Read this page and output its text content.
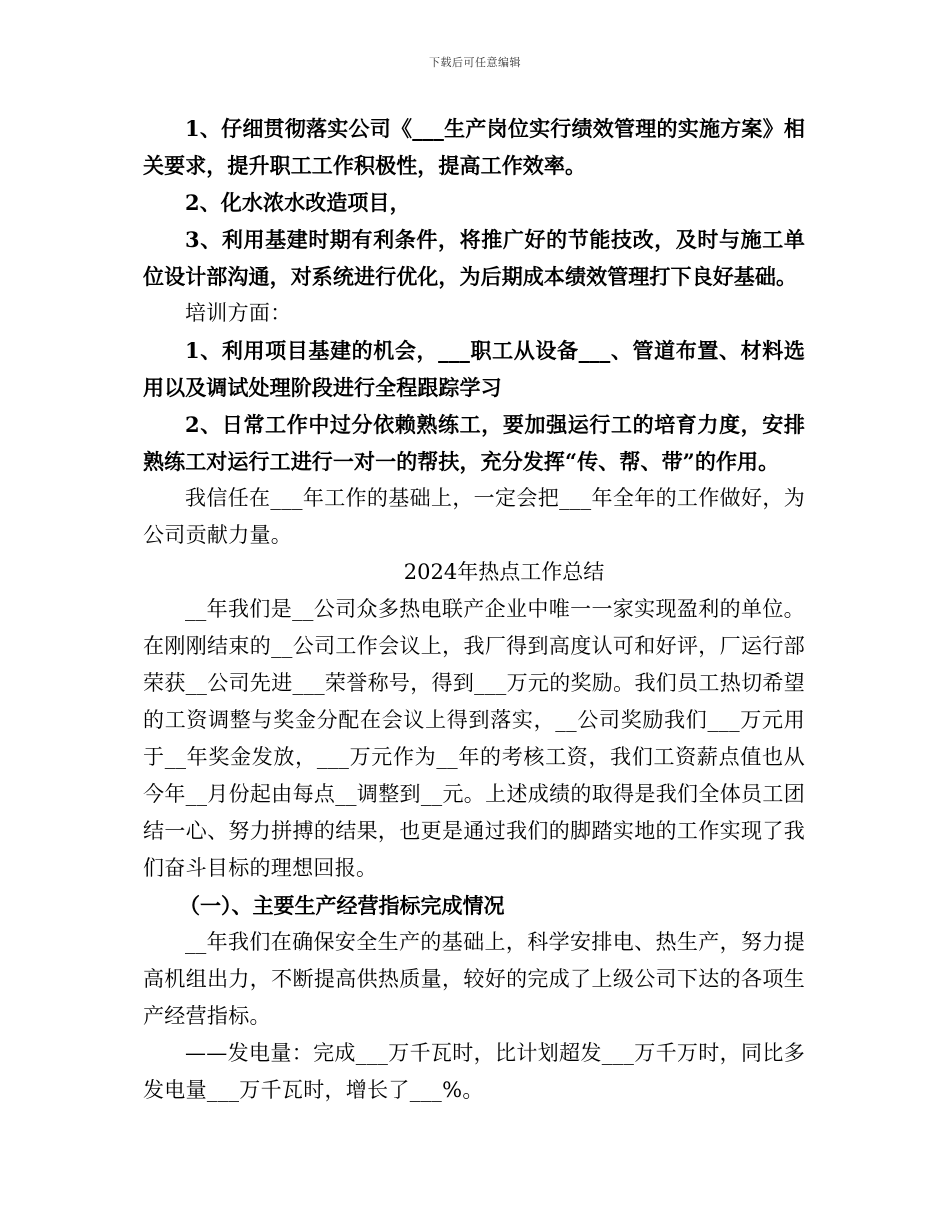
下载后可任意编辑

1、仔细贯彻落实公司《___生产岗位实行绩效管理的实施方案》相关要求，提升职工工作积极性，提高工作效率。

2、化水浓水改造项目，

3、利用基建时期有利条件，将推广好的节能技改，及时与施工单位设计部沟通，对系统进行优化，为后期成本绩效管理打下良好基础。

培训方面：

1、利用项目基建的机会，___职工从设备___、管道布置、材料选用以及调试处理阶段进行全程跟踪学习

2、日常工作中过分依赖熟练工，要加强运行工的培育力度，安排熟练工对运行工进行一对一的帮扶，充分发挥“传、帮、带”的作用。

我信任在___年工作的基础上，一定会把___年全年的工作做好，为公司贡献力量。

2024年热点工作总结

__年我们是__公司众多热电联产企业中唯一一家实现盈利的单位。在刚刚结束的__公司工作会议上，我厂得到高度认可和好评，厂运行部荣获__公司先进___荣誉称号，得到___万元的奖励。我们员工热切希望的工资调整与奖金分配在会议上得到落实，__公司奖励我们___万元用于__年奖金发放，___万元作为__年的考核工资，我们工资薪点值也从今年__月份起由每点__调整到__元。上述成绩的取得是我们全体员工团结一心、努力拼搏的结果，也更是通过我们的脚踏实地的工作实现了我们奋斗目标的理想回报。

（一）、主要生产经营指标完成情况

__年我们在确保安全生产的基础上，科学安排电、热生产，努力提高机组出力，不断提高供热质量，较好的完成了上级公司下达的各项生产经营指标。

——发电量：完成___万千瓦时，比计划超发___万千万时，同比多发电量___万千瓦时，增长了___%。
